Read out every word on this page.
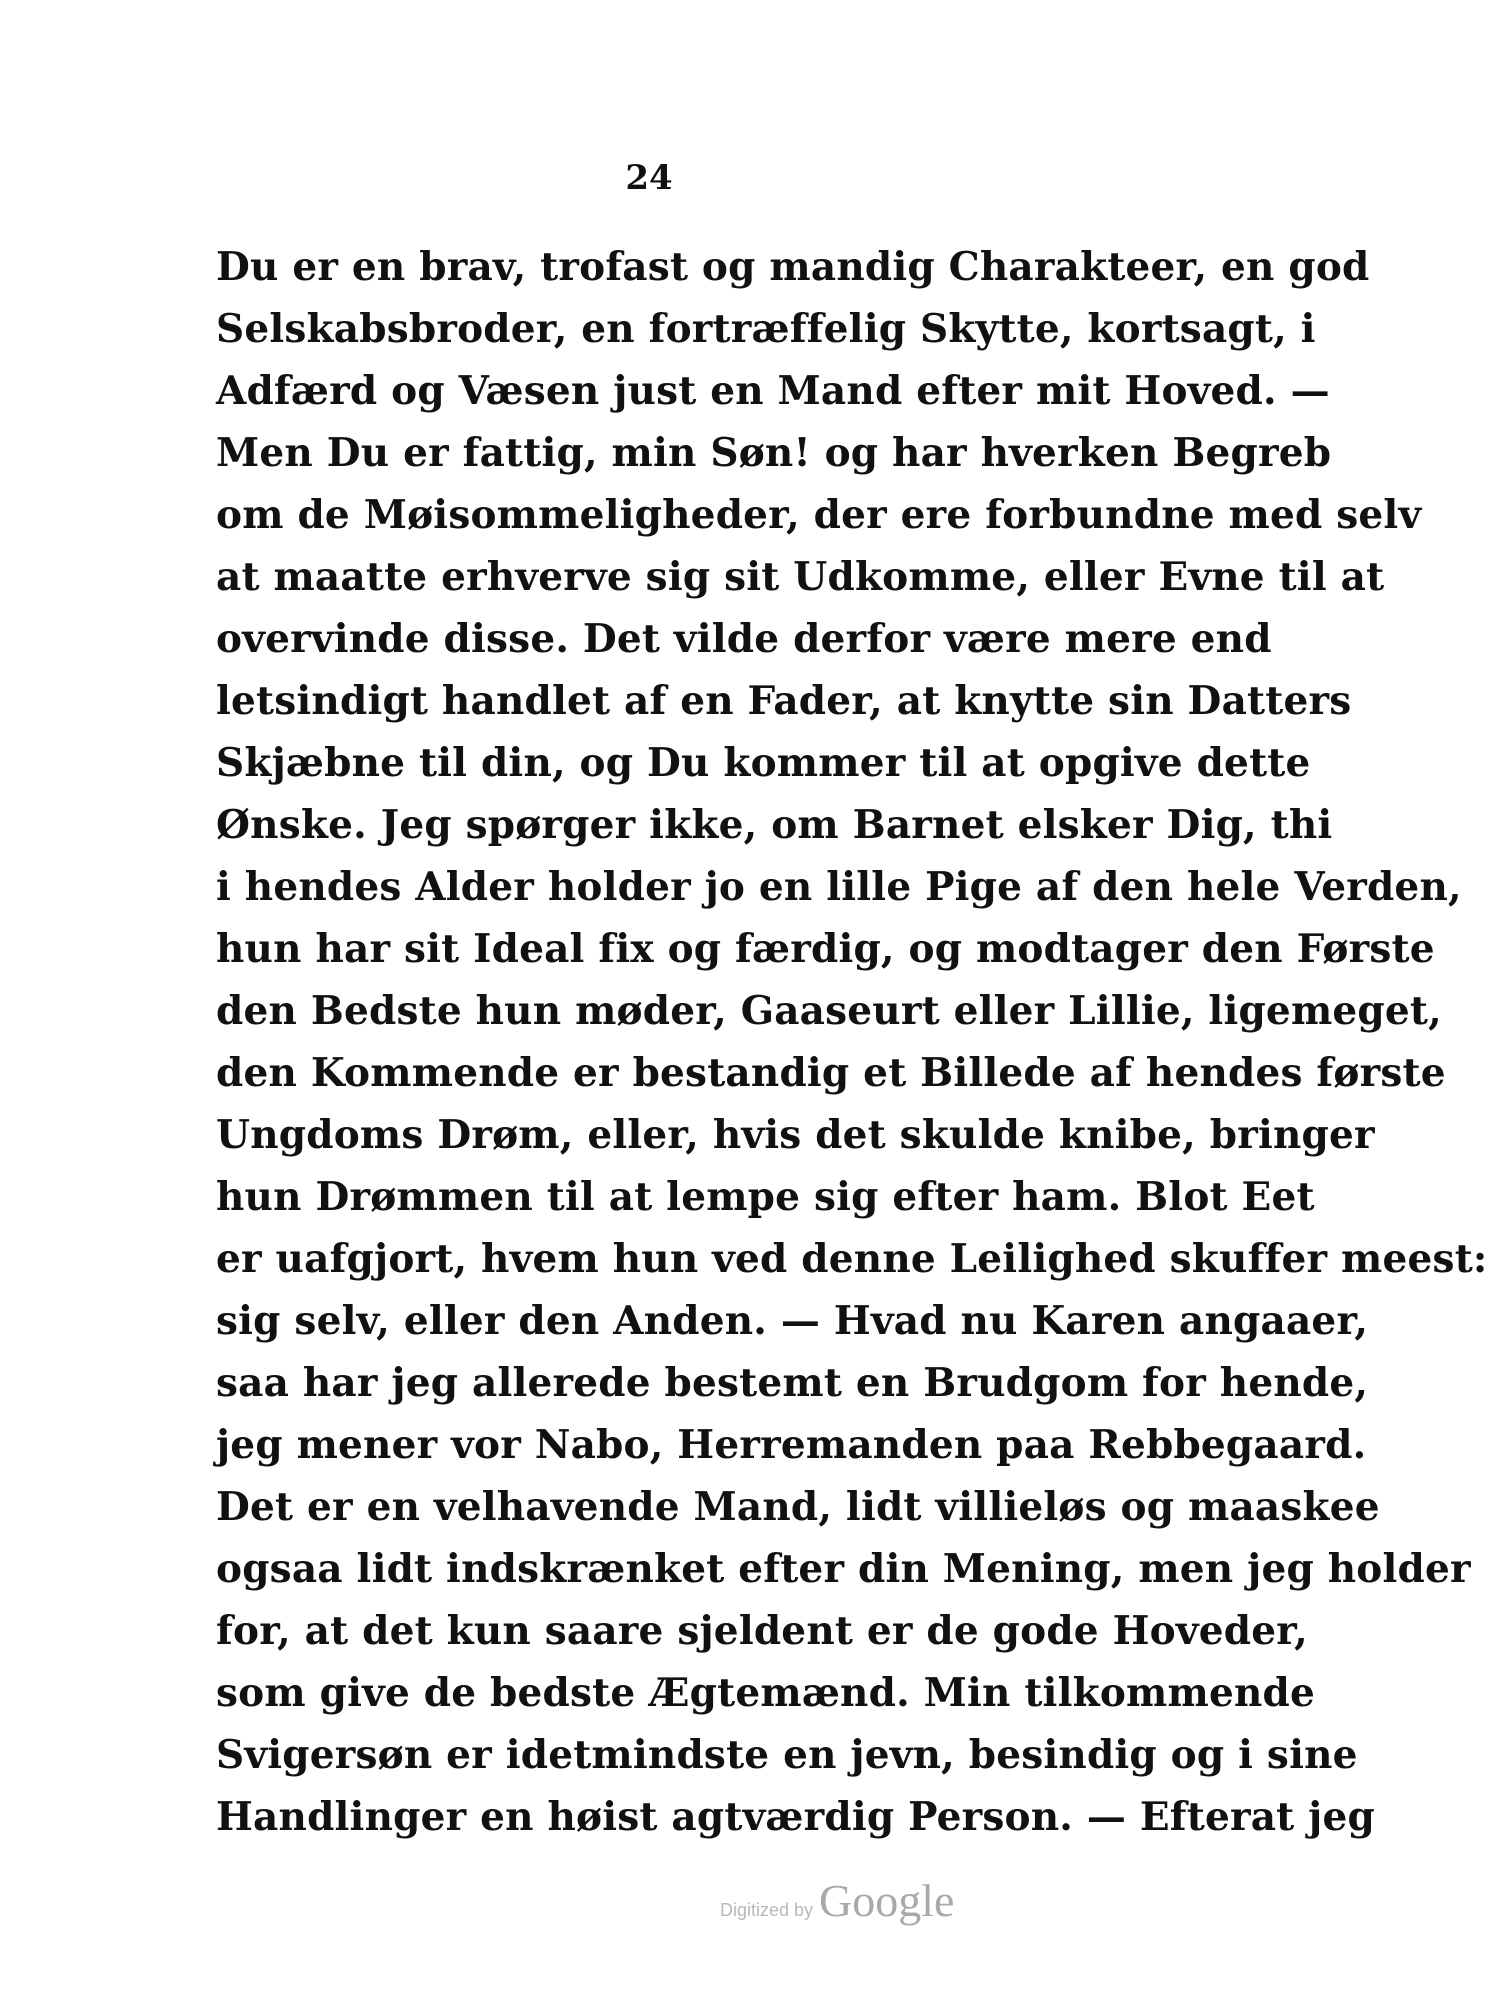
24
Du er en brav, trofast og mandig Charakteer, en god
Selskabsbroder, en fortræffelig Skytte, kortsagt, i
Adfærd og Væsen just en Mand efter mit Hoved. —
Men Du er fattig, min Søn! og har hverken Begreb
om de Møisommeligheder, der ere forbundne med selv
at maatte erhverve sig sit Udkomme, eller Evne til at
overvinde disse. Det vilde derfor være mere end
letsindigt handlet af en Fader, at knytte sin Datters
Skjæbne til din, og Du kommer til at opgive dette
Ønske. Jeg spørger ikke, om Barnet elsker Dig, thi
i hendes Alder holder jo en lille Pige af den hele Verden,
hun har sit Ideal fix og færdig, og modtager den Første
den Bedste hun møder, Gaaseurt eller Lillie, ligemeget,
den Kommende er bestandig et Billede af hendes første
Ungdoms Drøm, eller, hvis det skulde knibe, bringer
hun Drømmen til at lempe sig efter ham. Blot Eet
er uafgjort, hvem hun ved denne Leilighed skuffer meest:
sig selv, eller den Anden. — Hvad nu Karen angaaer,
saa har jeg allerede bestemt en Brudgom for hende,
jeg mener vor Nabo, Herremanden paa Rebbegaard.
Det er en velhavende Mand, lidt villieløs og maaskee
ogsaa lidt indskrænket efter din Mening, men jeg holder
for, at det kun saare sjeldent er de gode Hoveder,
som give de bedste Ægtemænd. Min tilkommende
Svigersøn er idetmindste en jevn, besindig og i sine
Handlinger en høist agtværdig Person. — Efterat jeg
Digitized by Google
